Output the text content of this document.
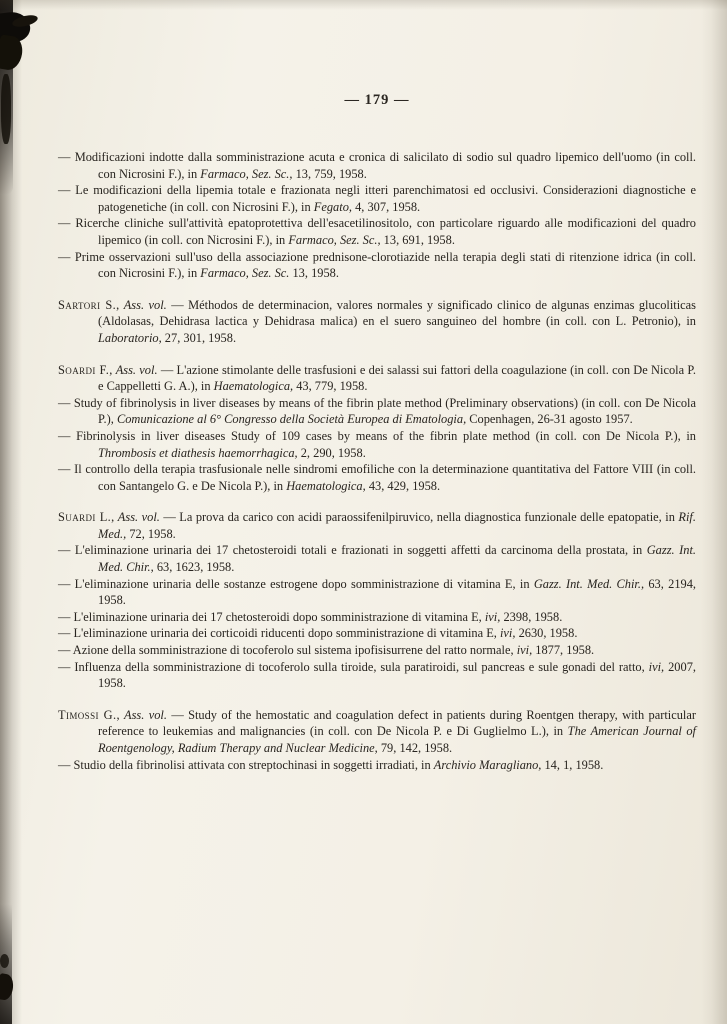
— 179 —

— Modificazioni indotte dalla somministrazione acuta e cronica di salicilato di sodio sul quadro lipemico dell'uomo (in coll. con Nicrosini F.), in Farmaco, Sez. Sc., 13, 759, 1958.

— Le modificazioni della lipemia totale e frazionata negli itteri parenchimatosi ed occlusivi. Considerazioni diagnostiche e patogenetiche (in coll. con Nicrosini F.), in Fegato, 4, 307, 1958.

— Ricerche cliniche sull'attività epatoprotettiva dell'esacetilinositolo, con particolare riguardo alle modificazioni del quadro lipemico (in coll. con Nicrosini F.), in Farmaco, Sez. Sc., 13, 691, 1958.

— Prime osservazioni sull'uso della associazione prednisone-clorotiazide nella terapia degli stati di ritenzione idrica (in coll. con Nicrosini F.), in Farmaco, Sez. Sc. 13, 1958.

Sartori S., Ass. vol. — Méthodos de determinacion, valores normales y significado clinico de algunas enzimas glucoliticas (Aldolasas, Dehidrasa lactica y Dehidrasa malica) en el suero sanguineo del hombre (in coll. con L. Petronio), in Laboratorio, 27, 301, 1958.

Soardi F., Ass. vol. — L'azione stimolante delle trasfusioni e dei salassi sui fattori della coagulazione (in coll. con De Nicola P. e Cappelletti G. A.), in Haematologica, 43, 779, 1958.

— Study of fibrinolysis in liver diseases by means of the fibrin plate method (Preliminary observations) (in coll. con De Nicola P.), Comunicazione al 6° Congresso della Società Europea di Ematologia, Copenhagen, 26-31 agosto 1957.

— Fibrinolysis in liver diseases Study of 109 cases by means of the fibrin plate method (in coll. con De Nicola P.), in Thrombosis et diathesis haemorrhagica, 2, 290, 1958.

— Il controllo della terapia trasfusionale nelle sindromi emofiliche con la determinazione quantitativa del Fattore VIII (in coll. con Santangelo G. e De Nicola P.), in Haematologica, 43, 429, 1958.

Suardi L., Ass. vol. — La prova da carico con acidi paraossifenilpiruvico, nella diagnostica funzionale delle epatopatie, in Rif. Med., 72, 1958.

— L'eliminazione urinaria dei 17 chetosteroidi totali e frazionati in soggetti affetti da carcinoma della prostata, in Gazz. Int. Med. Chir., 63, 1623, 1958.

— L'eliminazione urinaria delle sostanze estrogene dopo somministrazione di vitamina E, in Gazz. Int. Med. Chir., 63, 2194, 1958.

— L'eliminazione urinaria dei 17 chetosteroidi dopo somministrazione di vitamina E, ivi, 2398, 1958.

— L'eliminazione urinaria dei corticoidi riducenti dopo somministrazione di vitamina E, ivi, 2630, 1958.

— Azione della somministrazione di tocoferolo sul sistema ipofisisurrene del ratto normale, ivi, 1877, 1958.

— Influenza della somministrazione di tocoferolo sulla tiroide, sula paratiroidi, sul pancreas e sule gonadi del ratto, ivi, 2007, 1958.

Timossi G., Ass. vol. — Study of the hemostatic and coagulation defect in patients during Roentgen therapy, with particular reference to leukemias and malignancies (in coll. con De Nicola P. e Di Guglielmo L.), in The American Journal of Roentgenology, Radium Therapy and Nuclear Medicine, 79, 142, 1958.

— Studio della fibrinolisi attivata con streptochinasi in soggetti irradiati, in Archivio Maragliano, 14, 1, 1958.
